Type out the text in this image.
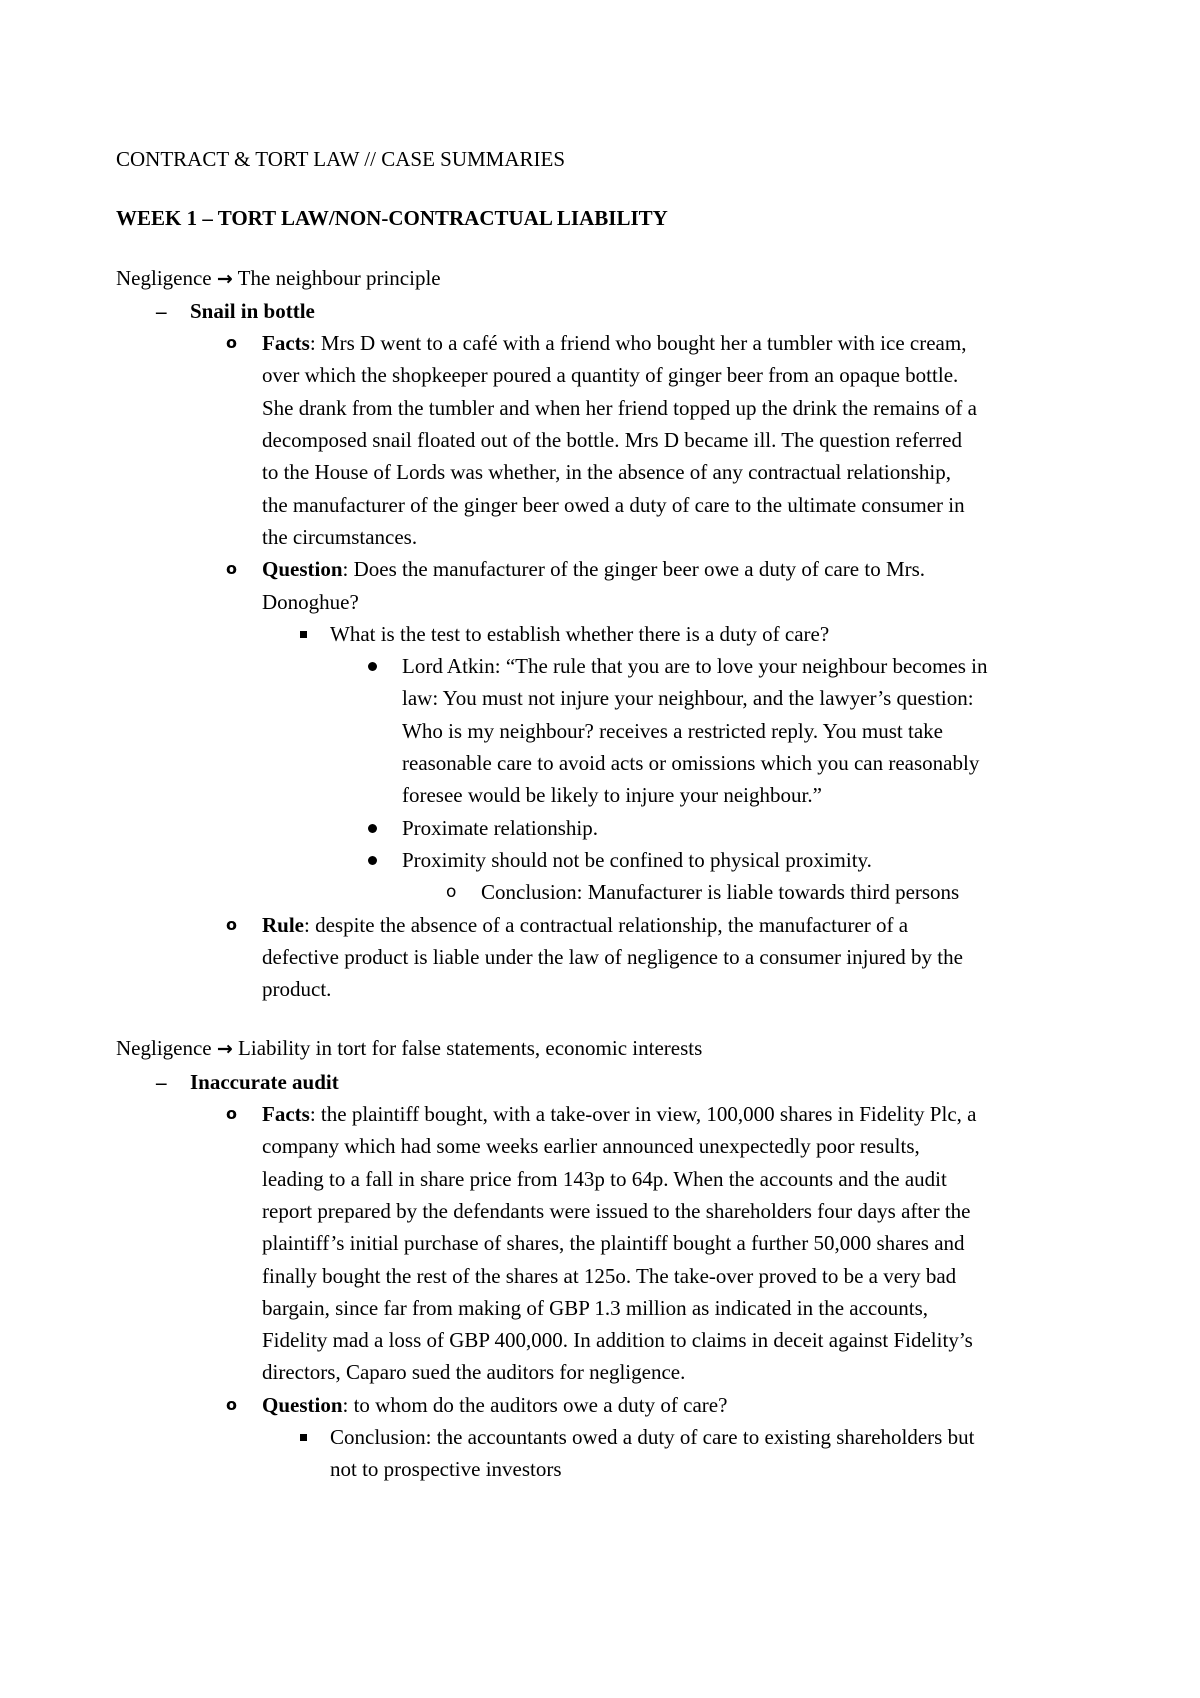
CONTRACT & TORT LAW // CASE SUMMARIES
WEEK 1 – TORT LAW/NON-CONTRACTUAL LIABILITY
Negligence → The neighbour principle
– Snail in bottle
o Facts: Mrs D went to a café with a friend who bought her a tumbler with ice cream,
over which the shopkeeper poured a quantity of ginger beer from an opaque bottle.
She drank from the tumbler and when her friend topped up the drink the remains of a
decomposed snail floated out of the bottle. Mrs D became ill. The question referred
to the House of Lords was whether, in the absence of any contractual relationship,
the manufacturer of the ginger beer owed a duty of care to the ultimate consumer in
the circumstances.
o Question: Does the manufacturer of the ginger beer owe a duty of care to Mrs.
Donoghue?
What is the test to establish whether there is a duty of care?
Lord Atkin: “The rule that you are to love your neighbour becomes in
law: You must not injure your neighbour, and the lawyer’s question:
Who is my neighbour? receives a restricted reply. You must take
reasonable care to avoid acts or omissions which you can reasonably
foresee would be likely to injure your neighbour.”
Proximate relationship.
Proximity should not be confined to physical proximity.
o Conclusion: Manufacturer is liable towards third persons
o Rule: despite the absence of a contractual relationship, the manufacturer of a
defective product is liable under the law of negligence to a consumer injured by the
product.
Negligence → Liability in tort for false statements, economic interests
– Inaccurate audit
o Facts: the plaintiff bought, with a take-over in view, 100,000 shares in Fidelity Plc, a
company which had some weeks earlier announced unexpectedly poor results,
leading to a fall in share price from 143p to 64p. When the accounts and the audit
report prepared by the defendants were issued to the shareholders four days after the
plaintiff’s initial purchase of shares, the plaintiff bought a further 50,000 shares and
finally bought the rest of the shares at 125o. The take-over proved to be a very bad
bargain, since far from making of GBP 1.3 million as indicated in the accounts,
Fidelity mad a loss of GBP 400,000. In addition to claims in deceit against Fidelity’s
directors, Caparo sued the auditors for negligence.
o Question: to whom do the auditors owe a duty of care?
Conclusion: the accountants owed a duty of care to existing shareholders but
not to prospective investors
